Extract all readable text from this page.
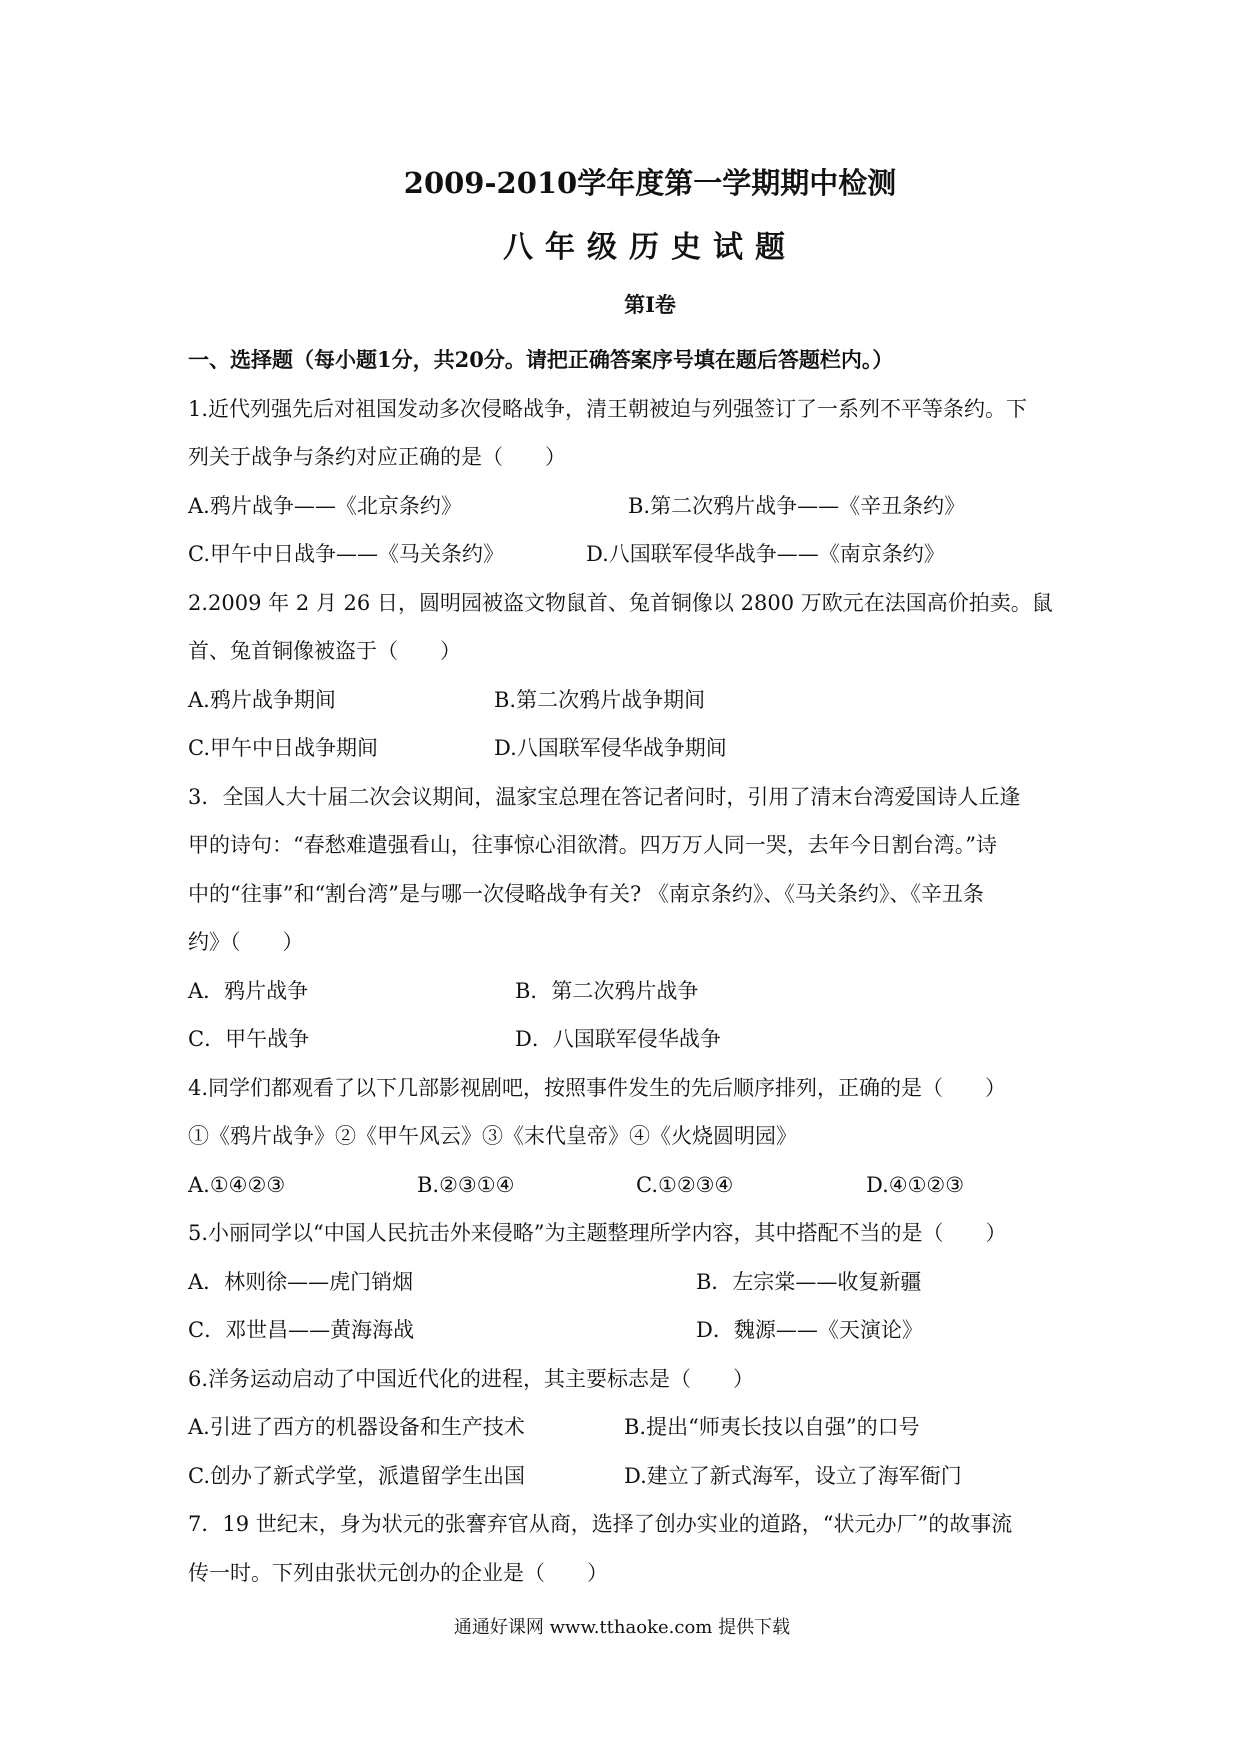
2009-2010学年度第一学期期中检测
八年级历史试题
第Ⅰ卷
一、选择题（每小题1分，共20分。请把正确答案序号填在题后答题栏内。）
1.近代列强先后对祖国发动多次侵略战争，清王朝被迫与列强签订了一系列不平等条约。下
列关于战争与条约对应正确的是（　　）
A.鸦片战争——《北京条约》	B.第二次鸦片战争——《辛丑条约》
C.甲午中日战争——《马关条约》	D.八国联军侵华战争——《南京条约》
2.2009 年 2 月 26 日，圆明园被盗文物鼠首、兔首铜像以 2800 万欧元在法国高价拍卖。鼠
首、兔首铜像被盗于（　　）
A.鸦片战争期间	B.第二次鸦片战争期间
C.甲午中日战争期间	D.八国联军侵华战争期间
3．全国人大十届二次会议期间，温家宝总理在答记者问时，引用了清末台湾爱国诗人丘逢
甲的诗句：“春愁难遣强看山，往事惊心泪欲潸。四万万人同一哭，去年今日割台湾。”诗
中的“往事”和“割台湾”是与哪一次侵略战争有关? 《南京条约》、《马关条约》、《辛丑条
约》（　　）
A．鸦片战争	B．第二次鸦片战争
C．甲午战争	D．八国联军侵华战争
4.同学们都观看了以下几部影视剧吧，按照事件发生的先后顺序排列，正确的是（　　）
①《鸦片战争》②《甲午风云》③《末代皇帝》④《火烧圆明园》
A.①④②③	B.②③①④	C.①②③④	D.④①②③
5.小丽同学以“中国人民抗击外来侵略”为主题整理所学内容，其中搭配不当的是（　　）
A．林则徐——虎门销烟	B．左宗棠——收复新疆
C．邓世昌——黄海海战	D．魏源——《天演论》
6.洋务运动启动了中国近代化的进程，其主要标志是（　　）
A.引进了西方的机器设备和生产技术	B.提出“师夷长技以自强”的口号
C.创办了新式学堂，派遣留学生出国	D.建立了新式海军，设立了海军衙门
7．19 世纪末，身为状元的张謇弃官从商，选择了创办实业的道路，“状元办厂”的故事流
传一时。下列由张状元创办的企业是（　　）
通通好课网 www.tthaoke.com 提供下载
